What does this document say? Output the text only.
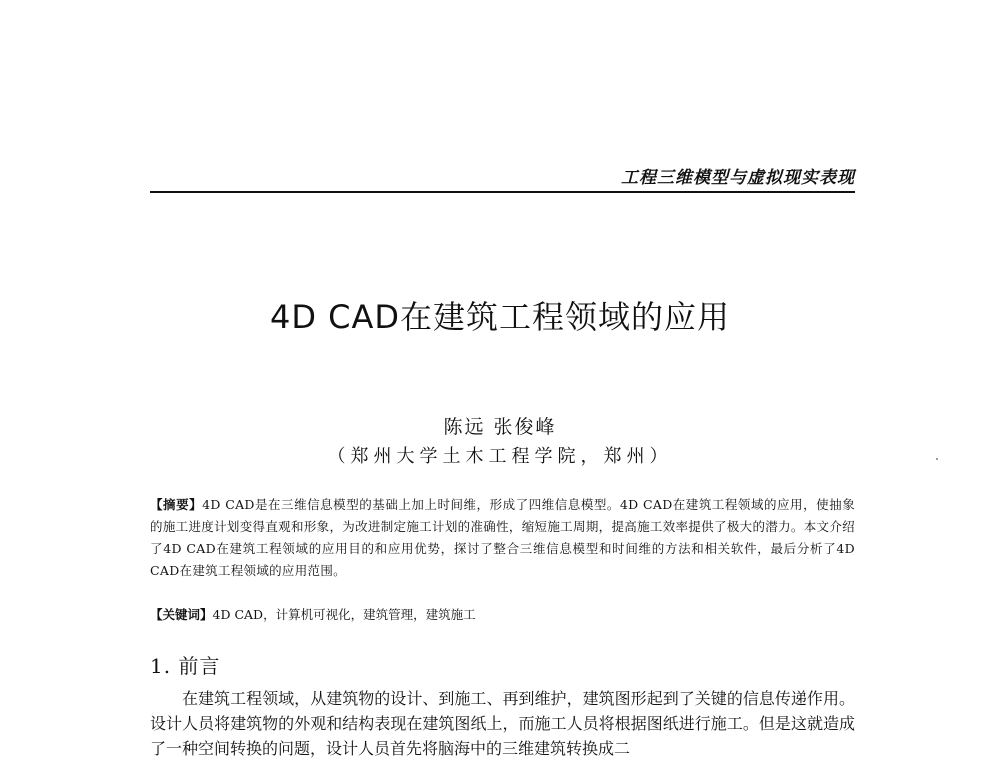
工程三维模型与虚拟现实表现
4D CAD在建筑工程领域的应用
陈远 张俊峰
（郑州大学土木工程学院，郑州）
【摘要】4D CAD是在三维信息模型的基础上加上时间维，形成了四维信息模型。4D CAD在建筑工程领域的应用，使抽象的施工进度计划变得直观和形象，为改进制定施工计划的准确性，缩短施工周期，提高施工效率提供了极大的潜力。本文介绍了4D CAD在建筑工程领域的应用目的和应用优势，探讨了整合三维信息模型和时间维的方法和相关软件，最后分析了4D CAD在建筑工程领域的应用范围。
【关键词】4D CAD，计算机可视化，建筑管理，建筑施工
1. 前言
在建筑工程领域，从建筑物的设计、到施工、再到维护，建筑图形起到了关键的信息传递作用。设计人员将建筑物的外观和结构表现在建筑图纸上，而施工人员将根据图纸进行施工。但是这就造成了一种空间转换的问题，设计人员首先将脑海中的三维建筑转换成二
